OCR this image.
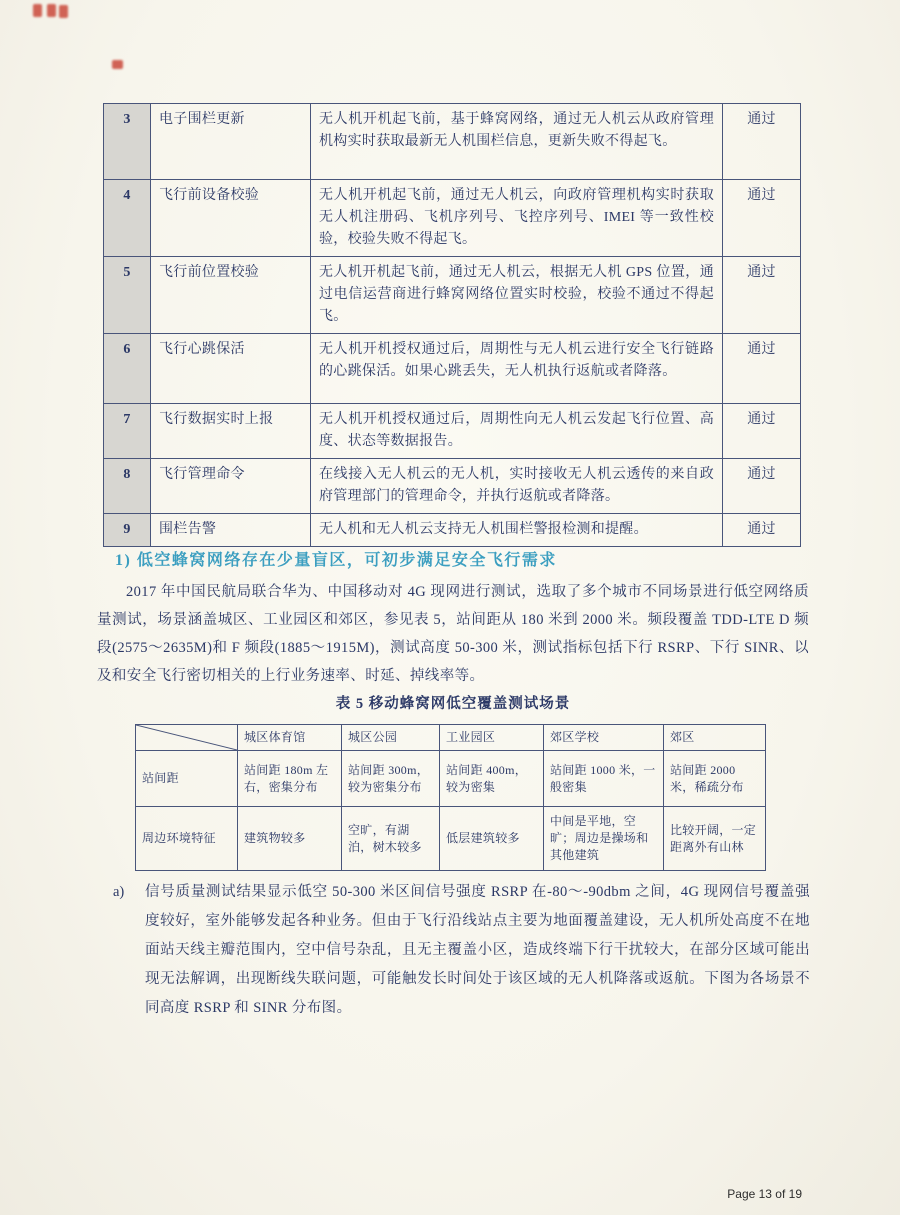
3	电子围栏更新	无人机开机起飞前，基于蜂窝网络，通过无人机云从政府管理机构实时获取最新无人机围栏信息，更新失败不得起飞。	通过
4	飞行前设备校验	无人机开机起飞前，通过无人机云，向政府管理机构实时获取无人机注册码、飞机序列号、飞控序列号、IMEI 等一致性校验，校验失败不得起飞。	通过
5	飞行前位置校验	无人机开机起飞前，通过无人机云，根据无人机 GPS 位置，通过电信运营商进行蜂窝网络位置实时校验，校验不通过不得起飞。	通过
6	飞行心跳保活	无人机开机授权通过后，周期性与无人机云进行安全飞行链路的心跳保活。如果心跳丢失，无人机执行返航或者降落。	通过
7	飞行数据实时上报	无人机开机授权通过后，周期性向无人机云发起飞行位置、高度、状态等数据报告。	通过
8	飞行管理命令	在线接入无人机云的无人机，实时接收无人机云透传的来自政府管理部门的管理命令，并执行返航或者降落。	通过
9	围栏告警	无人机和无人机云支持无人机围栏警报检测和提醒。	通过
1) 低空蜂窝网络存在少量盲区，可初步满足安全飞行需求
2017 年中国民航局联合华为、中国移动对 4G 现网进行测试，选取了多个城市不同场景进行低空网络质量测试，场景涵盖城区、工业园区和郊区，参见表 5，站间距从 180 米到 2000 米。频段覆盖 TDD-LTE D 频段(2575～2635M)和 F 频段(1885～1915M)，测试高度 50-300 米，测试指标包括下行 RSRP、下行 SINR、以及和安全飞行密切相关的上行业务速率、时延、掉线率等。
表 5 移动蜂窝网低空覆盖测试场景
	城区体育馆	城区公园	工业园区	郊区学校	郊区
站间距	站间距 180m 左右，密集分布	站间距 300m，较为密集分布	站间距 400m，较为密集	站间距 1000 米，一般密集	站间距 2000 米，稀疏分布
周边环境特征	建筑物较多	空旷，有湖泊，树木较多	低层建筑较多	中间是平地，空旷；周边是操场和其他建筑	比较开阔，一定距离外有山林
a)	信号质量测试结果显示低空 50-300 米区间信号强度 RSRP 在-80～-90dbm 之间，4G 现网信号覆盖强度较好，室外能够发起各种业务。但由于飞行沿线站点主要为地面覆盖建设，无人机所处高度不在地面站天线主瓣范围内，空中信号杂乱，且无主覆盖小区，造成终端下行干扰较大，在部分区域可能出现无法解调，出现断线失联问题，可能触发长时间处于该区域的无人机降落或返航。下图为各场景不同高度 RSRP 和 SINR 分布图。
Page 13 of 19
